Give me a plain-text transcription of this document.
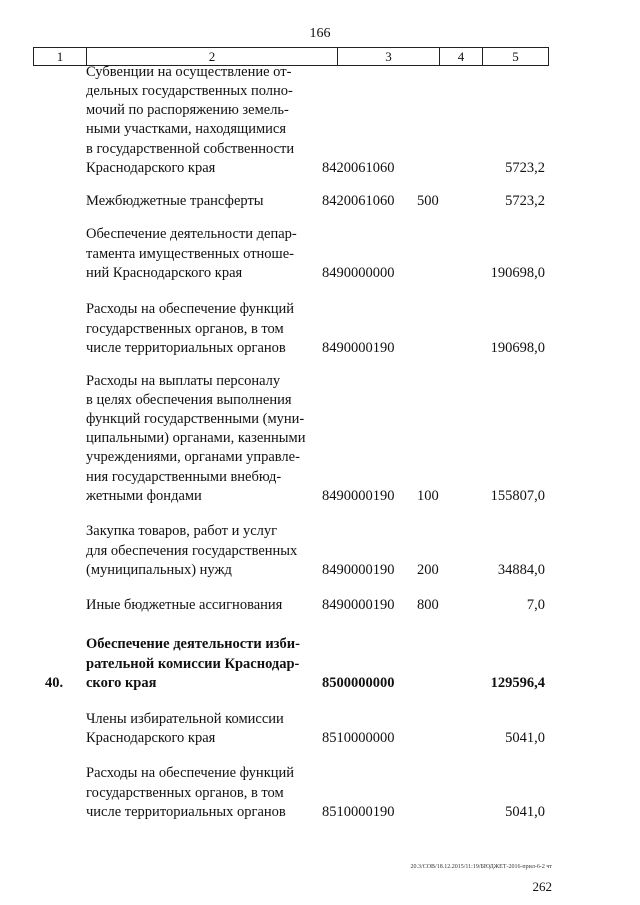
166
1	2	3	4	5
Субвенции на осуществление от-
дельных государственных полно-
мочий по распоряжению земель-
ными участками, находящимися
в государственной собственности
Краснодарского края	8420061060	5723,2
Межбюджетные трансферты	8420061060 500	5723,2
Обеспечение деятельности депар-
тамента имущественных отноше-
ний Краснодарского края	8490000000	190698,0
Расходы на обеспечение функций
государственных органов, в том
числе территориальных органов	8490000190	190698,0
Расходы на выплаты персоналу
в целях обеспечения выполнения
функций государственными (муни-
ципальными) органами, казенными
учреждениями, органами управле-
ния государственными внебюд-
жетными фондами	8490000190 100	155807,0
Закупка товаров, работ и услуг
для обеспечения государственных
(муниципальных) нужд	8490000190 200	34884,0
Иные бюджетные ассигнования	8490000190 800	7,0
40.
Обеспечение деятельности изби-
рательной комиссии Краснодар-
ского края	8500000000	129596,4
Члены избирательной комиссии
Краснодарского края	8510000000	5041,0
Расходы на обеспечение функций
государственных органов, в том
числе территориальных органов	8510000190	5041,0
20.3/СОВ/18.12.2015/11:19/БЮДЖЕТ-2016-прил-6-2 чт
262
